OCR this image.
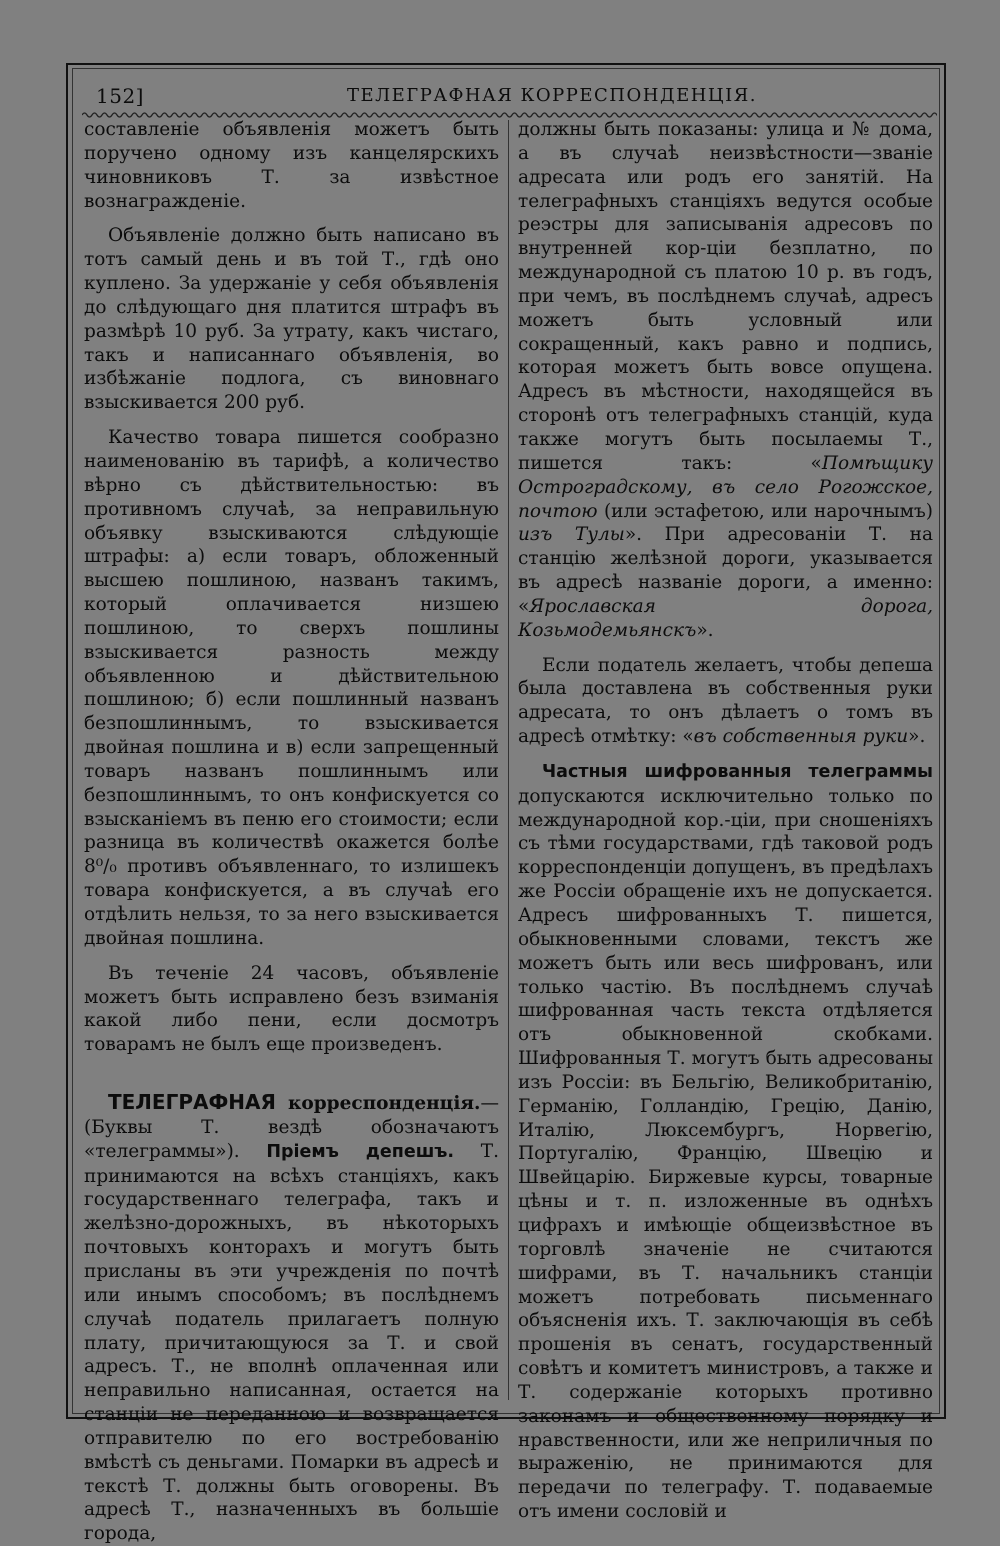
152]	ТЕЛЕГРАФНАЯ КОРРЕСПОНДЕНЦІЯ.

составленіе объявленія можетъ быть поручено одному изъ канцелярскихъ чиновниковъ Т. за извѣстное вознагражденіе.

Объявленіе должно быть написано въ тотъ самый день и въ той Т., гдѣ оно куплено. За удержаніе у себя объявленія до слѣдующаго дня платится штрафъ въ размѣрѣ 10 руб. За утрату, какъ чистаго, такъ и написаннаго объявленія, во избѣжаніе подлога, съ виновнаго взыскивается 200 руб.

Качество товара пишется сообразно наименованію въ тарифѣ, а количество вѣрно съ дѣйствительностью: въ противномъ случаѣ, за неправильную объявку взыскиваются слѣдующіе штрафы: а) если товаръ, обложенный высшею пошлиною, названъ такимъ, который оплачивается низшею пошлиною, то сверхъ пошлины взыскивается разность между объявленною и дѣйствительною пошлиною; б) если пошлинный названъ безпошлиннымъ, то взыскивается двойная пошлина и в) если запрещенный товаръ названъ пошлиннымъ или безпошлиннымъ, то онъ конфискуется со взысканіемъ въ пеню его стоимости; если разница въ количествѣ окажется болѣе 8⁰/₀ противъ объявленнаго, то излишекъ товара конфискуется, а въ случаѣ его отдѣлить нельзя, то за него взыскивается двойная пошлина.

Въ теченіе 24 часовъ, объявленіе можетъ быть исправлено безъ взиманія какой либо пени, если досмотръ товарамъ не былъ еще произведенъ.

ТЕЛЕГРАФНАЯ корреспонденція.— (Буквы Т. вездѣ обозначаютъ «телеграммы»). Пріемъ депешъ. Т. принимаются на всѣхъ станціяхъ, какъ государственнаго телеграфа, такъ и желѣзно-дорожныхъ, въ нѣкоторыхъ почтовыхъ конторахъ и могутъ быть присланы въ эти учрежденія по почтѣ или инымъ способомъ; въ послѣднемъ случаѣ податель прилагаетъ полную плату, причитающуюся за Т. и свой адресъ. Т., не вполнѣ оплаченная или неправильно написанная, остается на станціи не переданною и возвращается отправителю по его востребованію вмѣстѣ съ деньгами. Помарки въ адресѣ и текстѣ Т. должны быть оговорены. Въ адресѣ Т., назначенныхъ въ большіе города,

должны быть показаны: улица и № дома, а въ случаѣ неизвѣстности—званіе адресата или родъ его занятій. На телеграфныхъ станціяхъ ведутся особые реэстры для записыванія адресовъ по внутренней кор-ціи безплатно, по международной съ платою 10 р. въ годъ, при чемъ, въ послѣднемъ случаѣ, адресъ можетъ быть условный или сокращенный, какъ равно и подпись, которая можетъ быть вовсе опущена. Адресъ въ мѣстности, находящейся въ сторонѣ отъ телеграфныхъ станцій, куда также могутъ быть посылаемы Т., пишется такъ: «Помѣщику Остроградскому, въ село Рогожское, почтою (или эстафетою, или нарочнымъ) изъ Тулы». При адресованіи Т. на станцію желѣзной дороги, указывается въ адресѣ названіе дороги, а именно: «Ярославская дорога, Козьмодемьянскъ».

Если податель желаетъ, чтобы депеша была доставлена въ собственныя руки адресата, то онъ дѣлаетъ о томъ въ адресѣ отмѣтку: «въ собственныя руки».

Частныя шифрованныя телеграммы допускаются исключительно только по международной кор.-ціи, при сношеніяхъ съ тѣми государствами, гдѣ таковой родъ корреспонденціи допущенъ, въ предѣлахъ же Россіи обращеніе ихъ не допускается. Адресъ шифрованныхъ Т. пишется, обыкновенными словами, текстъ же можетъ быть или весь шифрованъ, или только частію. Въ послѣднемъ случаѣ шифрованная часть текста отдѣляется отъ обыкновенной скобками. Шифрованныя Т. могутъ быть адресованы изъ Россіи: въ Бельгію, Великобританію, Германію, Голландію, Грецію, Данію, Италію, Люксембургъ, Норвегію, Португалію, Францію, Швецію и Швейцарію. Биржевые курсы, товарные цѣны и т. п. изложенные въ однѣхъ цифрахъ и имѣющіе общеизвѣстное въ торговлѣ значеніе не считаются шифрами, въ Т. начальникъ станціи можетъ потребовать письменнаго объясненія ихъ. Т. заключающія въ себѣ прошенія въ сенатъ, государственный совѣтъ и комитетъ министровъ, а также и Т. содержаніе которыхъ противно законамъ и общественному порядку и нравственности, или же неприличныя по выраженію, не принимаются для передачи по телеграфу. Т. подаваемые отъ имени сословій и
